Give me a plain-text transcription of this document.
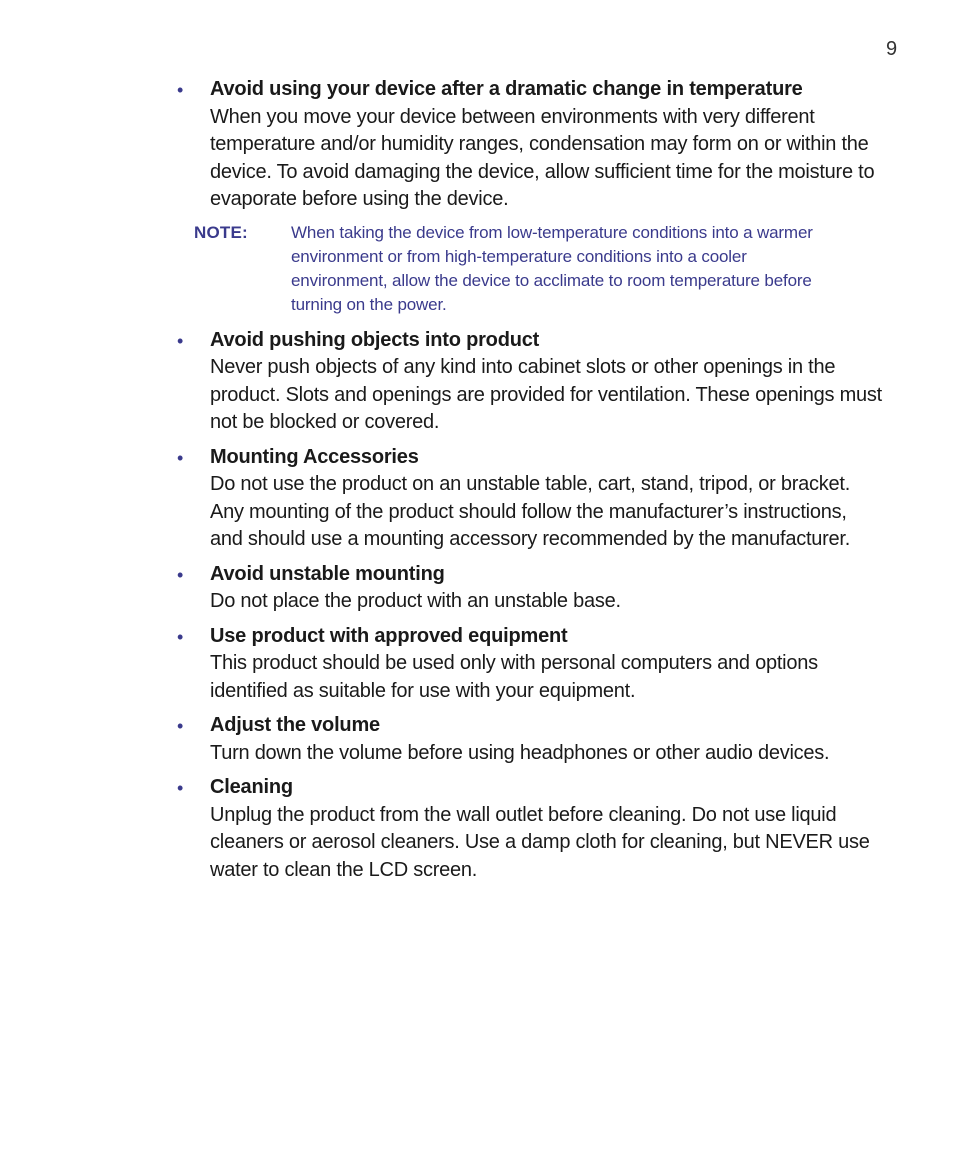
9
• Avoid using your device after a dramatic change in temperature
When you move your device between environments with very different temperature and/or humidity ranges, condensation may form on or within the device. To avoid damaging the device, allow sufficient time for the moisture to evaporate before using the device.
NOTE:	When taking the device from low-temperature conditions into a warmer environment or from high-temperature conditions into a cooler environment, allow the device to acclimate to room temperature before turning on the power.
• Avoid pushing objects into product
Never push objects of any kind into cabinet slots or other openings in the product. Slots and openings are provided for ventilation. These openings must not be blocked or covered.
• Mounting Accessories
Do not use the product on an unstable table, cart, stand, tripod, or bracket. Any mounting of the product should follow the manufacturer’s instructions, and should use a mounting accessory recommended by the manufacturer.
• Avoid unstable mounting
Do not place the product with an unstable base.
• Use product with approved equipment
This product should be used only with personal computers and options identified as suitable for use with your equipment.
• Adjust the volume
Turn down the volume before using headphones or other audio devices.
• Cleaning
Unplug the product from the wall outlet before cleaning. Do not use liquid cleaners or aerosol cleaners. Use a damp cloth for cleaning, but NEVER use water to clean the LCD screen.
